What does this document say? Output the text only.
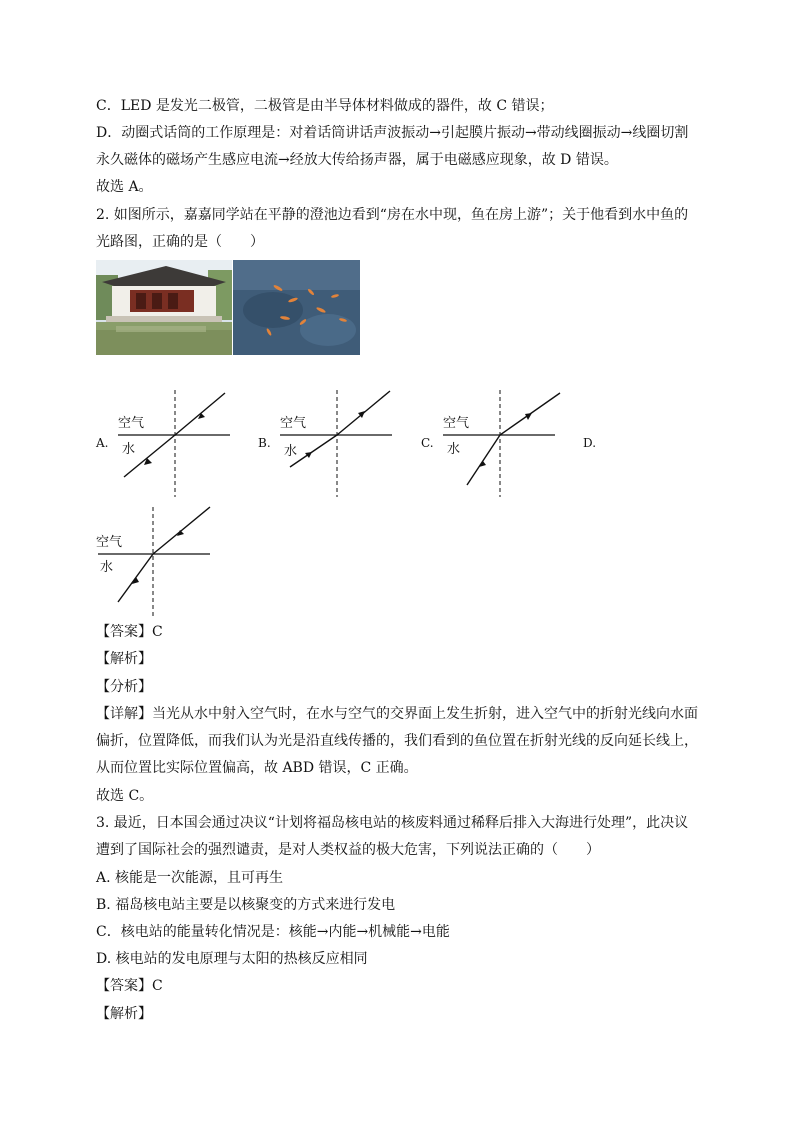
C．LED 是发光二极管，二极管是由半导体材料做成的器件，故 C 错误；
D．动圈式话筒的工作原理是：对着话筒讲话声波振动→引起膜片振动→带动线圈振动→线圈切割
永久磁体的磁场产生感应电流→经放大传给扬声器，属于电磁感应现象，故 D 错误。
故选 A。
2. 如图所示，嘉嘉同学站在平静的澄池边看到“房在水中现，鱼在房上游”；关于他看到水中鱼的
光路图，正确的是（　　）
A.
空气
水	B.
空气
水
C.
空气
水	D.
空气
水
【答案】C
【解析】
【分析】
【详解】当光从水中射入空气时，在水与空气的交界面上发生折射，进入空气中的折射光线向水面
偏折，位置降低，而我们认为光是沿直线传播的，我们看到的鱼位置在折射光线的反向延长线上，
从而位置比实际位置偏高，故 ABD 错误，C 正确。
故选 C。
3. 最近，日本国会通过决议“计划将福岛核电站的核废料通过稀释后排入大海进行处理”，此决议
遭到了国际社会的强烈谴责，是对人类权益的极大危害，下列说法正确的（　　）
A. 核能是一次能源，且可再生
B. 福岛核电站主要是以核聚变的方式来进行发电
C．核电站的能量转化情况是：核能→内能→机械能→电能
D. 核电站的发电原理与太阳的热核反应相同
【答案】C
【解析】
